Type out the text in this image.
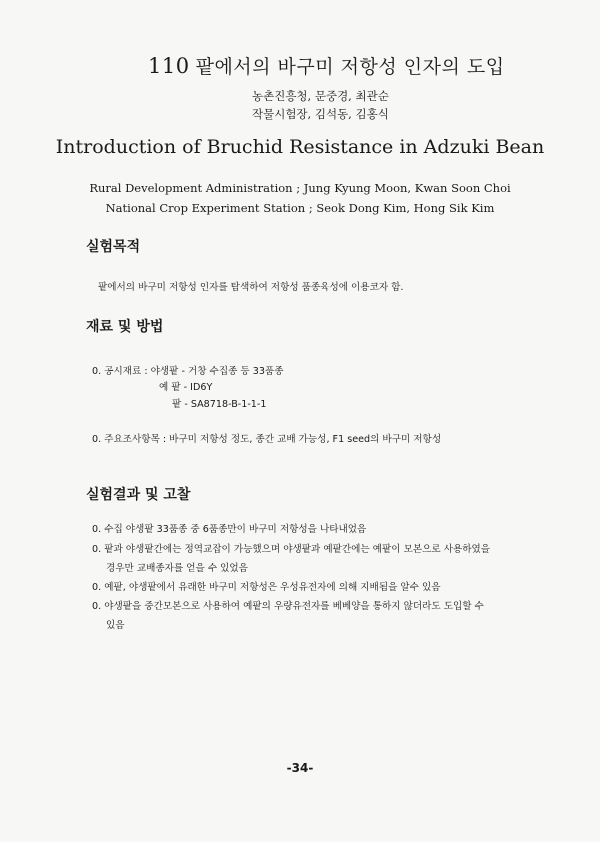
110 팥에서의 바구미 저항성 인자의 도입
농촌진흥청, 문중경, 최관순
작물시험장, 김석동, 김홍식
Introduction of Bruchid Resistance in Adzuki Bean
Rural Development Administration ; Jung Kyung Moon, Kwan Soon Choi
National Crop Experiment Station ; Seok Dong Kim, Hong Sik Kim
실험목적
팥에서의 바구미 저항성 인자를 탐색하여 저항성 품종육성에 이용코자 함.
재료 및 방법
0. 공시재료 : 야생팥 - 거창 수집종 등 33품종
예 팥 - ID6Y
팥 - SA8718-B-1-1-1
0. 주요조사항목 : 바구미 저항성 정도, 종간 교배 가능성, F1 seed의 바구미 저항성
실험결과 및 고찰
0. 수집 야생팥 33품종 중 6품종만이 바구미 저항성을 나타내었음
0. 팥과 야생팥간에는 정역교잡이 가능했으며 야생팥과 예팥간에는 예팥이 모본으로 사용하였을
경우만 교배종자를 얻을 수 있었음
0. 예팥, 야생팥에서 유래한 바구미 저항성은 우성유전자에 의해 지배됨을 알수 있음
0. 야생팥을 중간모본으로 사용하여 예팥의 우량유전자를 베베양을 통하지 않더라도 도입할 수
있음
-34-
